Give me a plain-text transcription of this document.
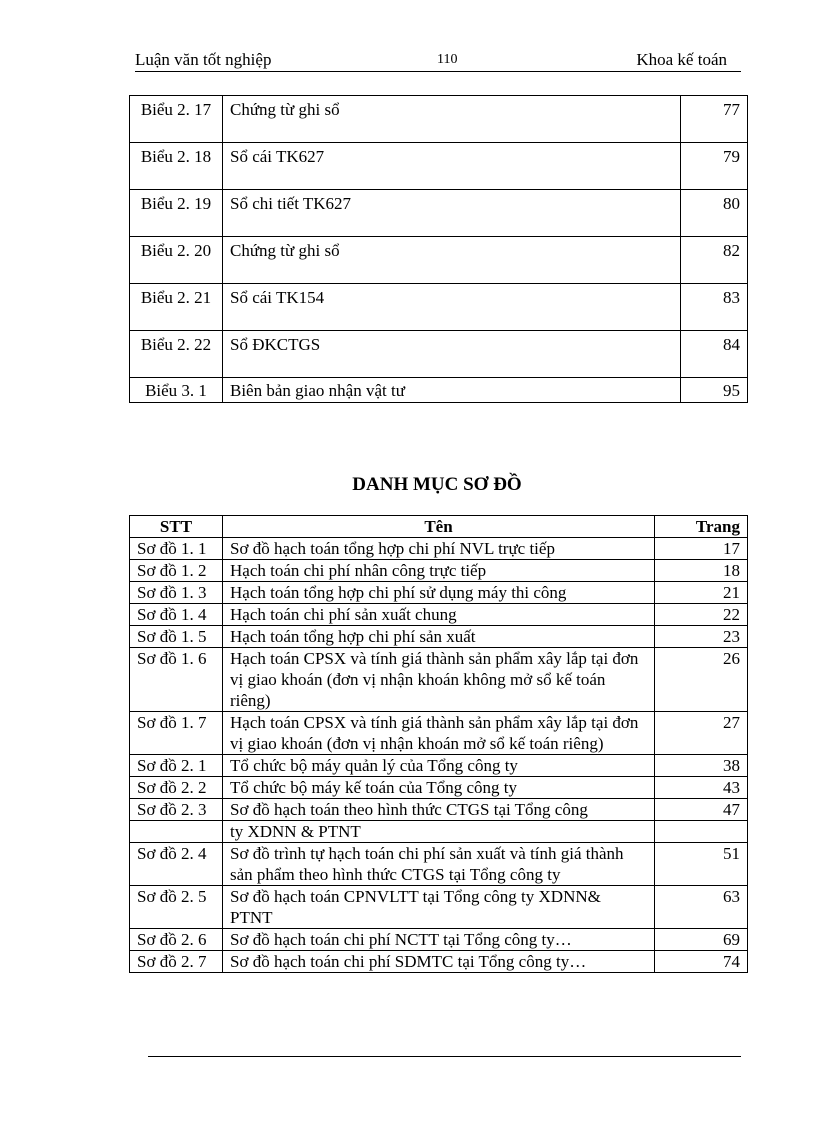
Luận văn tốt nghiệp	110	Khoa kế toán
Biểu 2. 17	Chứng từ ghi sổ	77
Biểu 2. 18	Sổ cái TK627	79
Biểu 2. 19	Sổ chi tiết TK627	80
Biểu 2. 20	Chứng từ ghi sổ	82
Biểu 2. 21	Sổ cái TK154	83
Biểu 2. 22	Sổ ĐKCTGS	84
Biểu 3. 1	Biên bản giao nhận vật tư	95
DANH MỤC SƠ ĐỒ
STT	Tên	Trang
Sơ đồ 1. 1	Sơ đồ hạch toán tổng hợp chi phí NVL trực tiếp	17
Sơ đồ 1. 2	Hạch toán chi phí nhân công trực tiếp	18
Sơ đồ 1. 3	Hạch toán tổng hợp chi phí sử dụng máy thi công	21
Sơ đồ 1. 4	Hạch toán chi phí sản xuất chung	22
Sơ đồ 1. 5	Hạch toán tổng hợp chi phí sản xuất	23
Sơ đồ 1. 6	Hạch toán CPSX và tính giá thành sản phẩm xây lắp tại đơn vị giao khoán (đơn vị nhận khoán không mở sổ kế toán riêng)	26
Sơ đồ 1. 7	Hạch toán CPSX và tính giá thành sản phẩm xây lắp tại đơn vị giao khoán (đơn vị nhận khoán mở sổ kế toán riêng)	27
Sơ đồ 2. 1	Tổ chức bộ máy quản lý của Tổng công ty	38
Sơ đồ 2. 2	Tổ chức bộ máy kế toán của Tổng công ty	43
Sơ đồ 2. 3	Sơ đồ hạch toán theo hình thức CTGS tại Tổng công	47
	ty XDNN & PTNT	
Sơ đồ 2. 4	Sơ đồ trình tự hạch toán chi phí sản xuất và tính giá thành sản phẩm theo hình thức CTGS tại Tổng công ty	51
Sơ đồ 2. 5	Sơ đồ hạch toán CPNVLTT tại Tổng công ty XDNN& PTNT	63
Sơ đồ 2. 6	Sơ đồ hạch toán chi phí NCTT tại Tổng công ty…	69
Sơ đồ 2. 7	Sơ đồ hạch toán chi phí SDMTC tại Tổng công ty…	74
